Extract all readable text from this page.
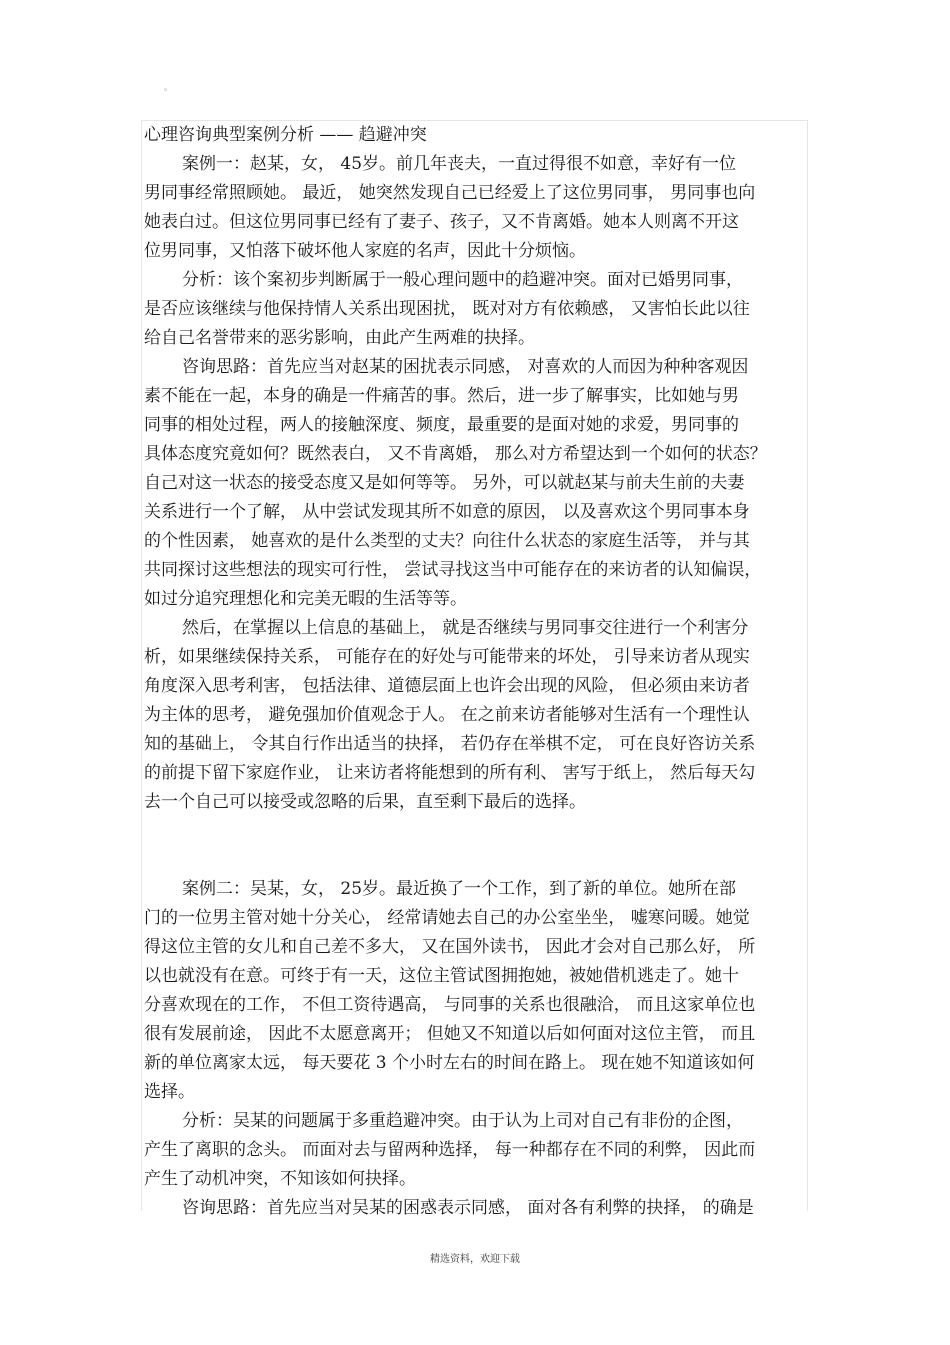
。
心理咨询典型案例分析 —— 趋避冲突
案例一：赵某，女， 45岁。前几年丧夫，一直过得很不如意，幸好有一位
男同事经常照顾她。 最近， 她突然发现自己已经爱上了这位男同事， 男同事也向
她表白过。但这位男同事已经有了妻子、孩子，又不肯离婚。她本人则离不开这
位男同事，又怕落下破坏他人家庭的名声，因此十分烦恼。
分析：该个案初步判断属于一般心理问题中的趋避冲突。面对已婚男同事，
是否应该继续与他保持情人关系出现困扰， 既对对方有依赖感， 又害怕长此以往
给自己名誉带来的恶劣影响，由此产生两难的抉择。
咨询思路：首先应当对赵某的困扰表示同感， 对喜欢的人而因为种种客观因
素不能在一起，本身的确是一件痛苦的事。然后，进一步了解事实，比如她与男
同事的相处过程，两人的接触深度、频度，最重要的是面对她的求爱，男同事的
具体态度究竟如何？既然表白， 又不肯离婚， 那么对方希望达到一个如何的状态？
自己对这一状态的接受态度又是如何等等。 另外，可以就赵某与前夫生前的夫妻
关系进行一个了解， 从中尝试发现其所不如意的原因， 以及喜欢这个男同事本身
的个性因素， 她喜欢的是什么类型的丈夫？向往什么状态的家庭生活等， 并与其
共同探讨这些想法的现实可行性， 尝试寻找这当中可能存在的来访者的认知偏误，
如过分追究理想化和完美无暇的生活等等。
然后，在掌握以上信息的基础上， 就是否继续与男同事交往进行一个利害分
析，如果继续保持关系， 可能存在的好处与可能带来的坏处， 引导来访者从现实
角度深入思考利害， 包括法律、道德层面上也许会出现的风险， 但必须由来访者
为主体的思考， 避免强加价值观念于人。 在之前来访者能够对生活有一个理性认
知的基础上， 令其自行作出适当的抉择， 若仍存在举棋不定， 可在良好咨访关系
的前提下留下家庭作业， 让来访者将能想到的所有利、 害写于纸上， 然后每天勾
去一个自己可以接受或忽略的后果，直至剩下最后的选择。
案例二：吴某，女， 25岁。最近换了一个工作，到了新的单位。她所在部
门的一位男主管对她十分关心， 经常请她去自己的办公室坐坐， 嘘寒问暖。她觉
得这位主管的女儿和自己差不多大， 又在国外读书， 因此才会对自己那么好， 所
以也就没有在意。可终于有一天，这位主管试图拥抱她，被她借机逃走了。她十
分喜欢现在的工作， 不但工资待遇高， 与同事的关系也很融洽， 而且这家单位也
很有发展前途， 因此不太愿意离开； 但她又不知道以后如何面对这位主管， 而且
新的单位离家太远， 每天要花 3 个小时左右的时间在路上。 现在她不知道该如何
选择。
分析：吴某的问题属于多重趋避冲突。由于认为上司对自己有非份的企图，
产生了离职的念头。 而面对去与留两种选择， 每一种都存在不同的利弊， 因此而
产生了动机冲突，不知该如何抉择。
咨询思路：首先应当对吴某的困惑表示同感， 面对各有利弊的抉择， 的确是
精选资料，欢迎下载
